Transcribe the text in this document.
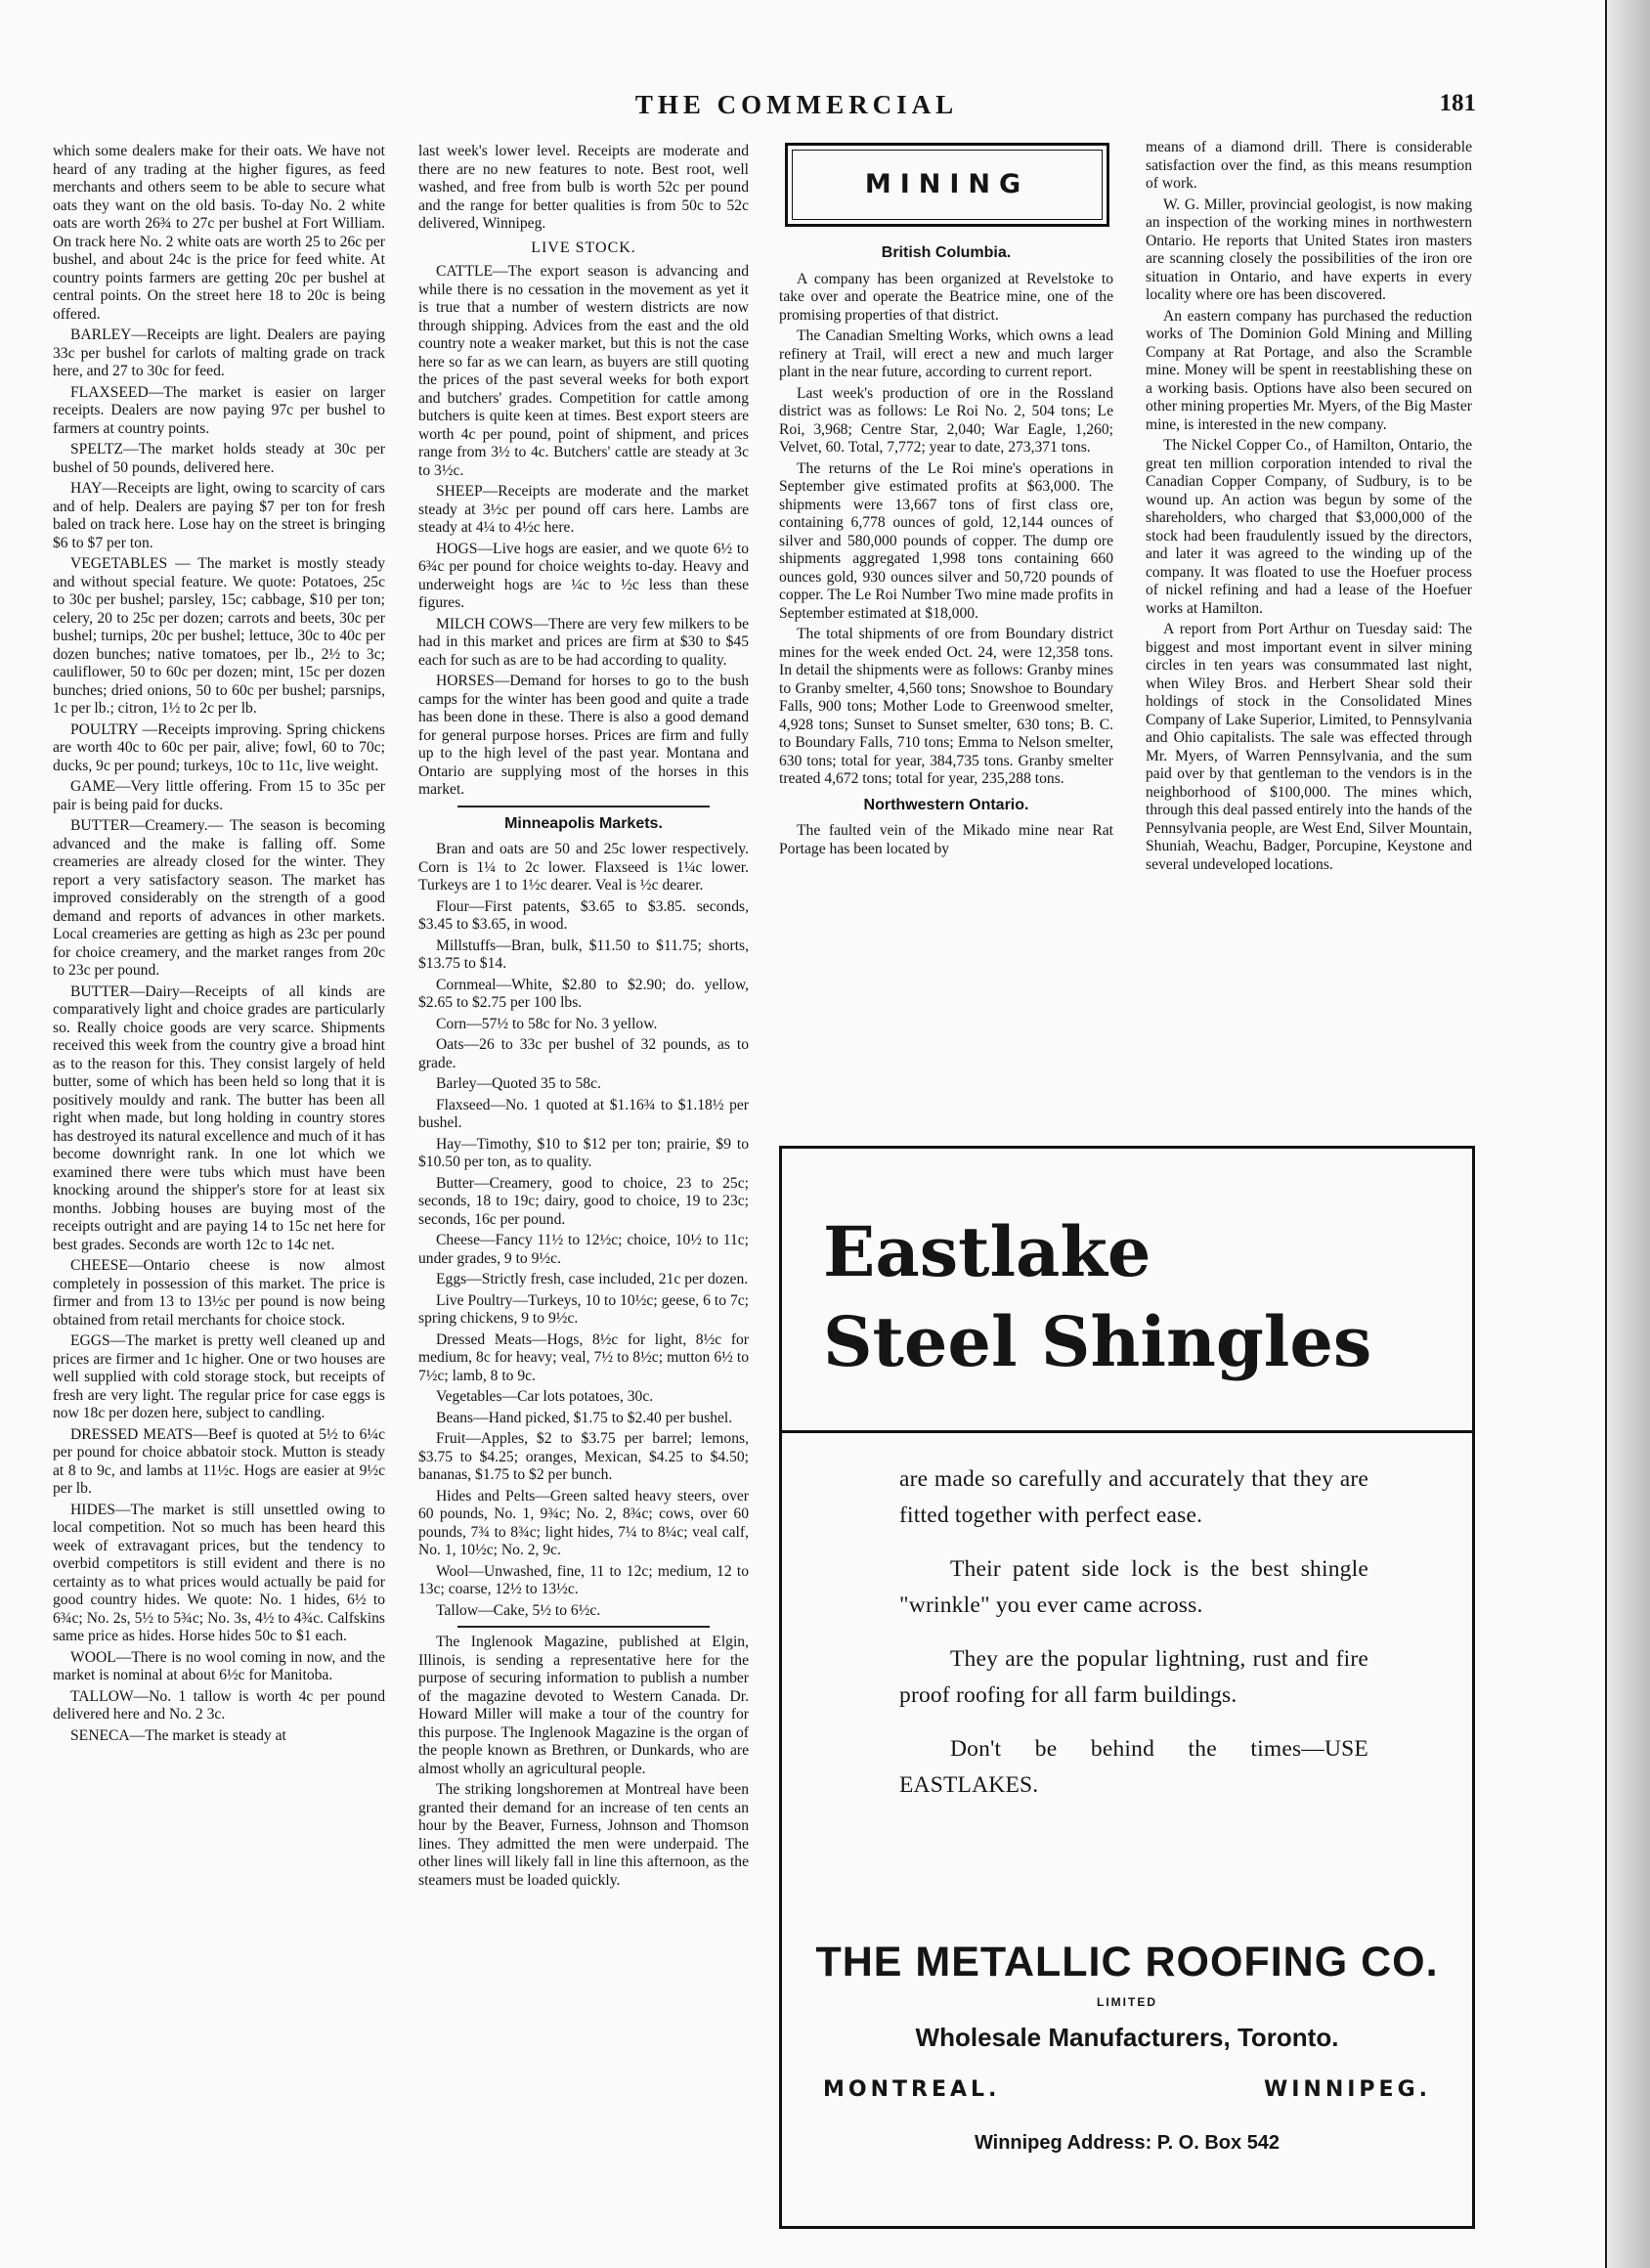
THE COMMERCIAL	181

which some dealers make for their oats. We have not heard of any trading at the higher figures, as feed merchants and others seem to be able to secure what oats they want on the old basis. To-day No. 2 white oats are worth 26¾ to 27c per bushel at Fort William. On track here No. 2 white oats are worth 25 to 26c per bushel, and about 24c is the price for feed white. At country points farmers are getting 20c per bushel at central points. On the street here 18 to 20c is being offered.

BARLEY—Receipts are light. Dealers are paying 33c per bushel for carlots of malting grade on track here, and 27 to 30c for feed.

FLAXSEED—The market is easier on larger receipts. Dealers are now paying 97c per bushel to farmers at country points.

SPELTZ—The market holds steady at 30c per bushel of 50 pounds, delivered here.

HAY—Receipts are light, owing to scarcity of cars and of help. Dealers are paying $7 per ton for fresh baled on track here. Lose hay on the street is bringing $6 to $7 per ton.

VEGETABLES — The market is mostly steady and without special feature. We quote: Potatoes, 25c to 30c per bushel; parsley, 15c; cabbage, $10 per ton; celery, 20 to 25c per dozen; carrots and beets, 30c per bushel; turnips, 20c per bushel; lettuce, 30c to 40c per dozen bunches; native tomatoes, per lb., 2½ to 3c; cauliflower, 50 to 60c per dozen; mint, 15c per dozen bunches; dried onions, 50 to 60c per bushel; parsnips, 1c per lb.; citron, 1½ to 2c per lb.

POULTRY —Receipts improving. Spring chickens are worth 40c to 60c per pair, alive; fowl, 60 to 70c; ducks, 9c per pound; turkeys, 10c to 11c, live weight.

GAME—Very little offering. From 15 to 35c per pair is being paid for ducks.

BUTTER—Creamery.— The season is becoming advanced and the make is falling off. Some creameries are already closed for the winter. They report a very satisfactory season. The market has improved considerably on the strength of a good demand and reports of advances in other markets. Local creameries are getting as high as 23c per pound for choice creamery, and the market ranges from 20c to 23c per pound.

BUTTER—Dairy—Receipts of all kinds are comparatively light and choice grades are particularly so. Really choice goods are very scarce. Shipments received this week from the country give a broad hint as to the reason for this. They consist largely of held butter, some of which has been held so long that it is positively mouldy and rank. The butter has been all right when made, but long holding in country stores has destroyed its natural excellence and much of it has become downright rank. In one lot which we examined there were tubs which must have been knocking around the shipper's store for at least six months. Jobbing houses are buying most of the receipts outright and are paying 14 to 15c net here for best grades. Seconds are worth 12c to 14c net.

CHEESE—Ontario cheese is now almost completely in possession of this market. The price is firmer and from 13 to 13½c per pound is now being obtained from retail merchants for choice stock.

EGGS—The market is pretty well cleaned up and prices are firmer and 1c higher. One or two houses are well supplied with cold storage stock, but receipts of fresh are very light. The regular price for case eggs is now 18c per dozen here, subject to candling.

DRESSED MEATS—Beef is quoted at 5½ to 6¼c per pound for choice abbatoir stock. Mutton is steady at 8 to 9c, and lambs at 11½c. Hogs are easier at 9½c per lb.

HIDES—The market is still unsettled owing to local competition. Not so much has been heard this week of extravagant prices, but the tendency to overbid competitors is still evident and there is no certainty as to what prices would actually be paid for good country hides. We quote: No. 1 hides, 6½ to 6¾c; No. 2s, 5½ to 5¾c; No. 3s, 4½ to 4¾c. Calfskins same price as hides. Horse hides 50c to $1 each.

WOOL—There is no wool coming in now, and the market is nominal at about 6½c for Manitoba.

TALLOW—No. 1 tallow is worth 4c per pound delivered here and No. 2 3c.

SENECA—The market is steady at

last week's lower level. Receipts are moderate and there are no new features to note. Best root, well washed, and free from bulb is worth 52c per pound and the range for better qualities is from 50c to 52c delivered, Winnipeg.

LIVE STOCK.

CATTLE—The export season is advancing and while there is no cessation in the movement as yet it is true that a number of western districts are now through shipping. Advices from the east and the old country note a weaker market, but this is not the case here so far as we can learn, as buyers are still quoting the prices of the past several weeks for both export and butchers' grades. Competition for cattle among butchers is quite keen at times. Best export steers are worth 4c per pound, point of shipment, and prices range from 3½ to 4c. Butchers' cattle are steady at 3c to 3½c.

SHEEP—Receipts are moderate and the market steady at 3½c per pound off cars here. Lambs are steady at 4¼ to 4½c here.

HOGS—Live hogs are easier, and we quote 6½ to 6¾c per pound for choice weights to-day. Heavy and underweight hogs are ¼c to ½c less than these figures.

MILCH COWS—There are very few milkers to be had in this market and prices are firm at $30 to $45 each for such as are to be had according to quality.

HORSES—Demand for horses to go to the bush camps for the winter has been good and quite a trade has been done in these. There is also a good demand for general purpose horses. Prices are firm and fully up to the high level of the past year. Montana and Ontario are supplying most of the horses in this market.

Minneapolis Markets.

Bran and oats are 50 and 25c lower respectively. Corn is 1¼ to 2c lower. Flaxseed is 1¼c lower. Turkeys are 1 to 1½c dearer. Veal is ½c dearer.

Flour—First patents, $3.65 to $3.85. seconds, $3.45 to $3.65, in wood.

Millstuffs—Bran, bulk, $11.50 to $11.75; shorts, $13.75 to $14.

Cornmeal—White, $2.80 to $2.90; do. yellow, $2.65 to $2.75 per 100 lbs.

Corn—57½ to 58c for No. 3 yellow.

Oats—26 to 33c per bushel of 32 pounds, as to grade.

Barley—Quoted 35 to 58c.

Flaxseed—No. 1 quoted at $1.16¾ to $1.18½ per bushel.

Hay—Timothy, $10 to $12 per ton; prairie, $9 to $10.50 per ton, as to quality.

Butter—Creamery, good to choice, 23 to 25c; seconds, 18 to 19c; dairy, good to choice, 19 to 23c; seconds, 16c per pound.

Cheese—Fancy 11½ to 12½c; choice, 10½ to 11c; under grades, 9 to 9½c.

Eggs—Strictly fresh, case included, 21c per dozen.

Live Poultry—Turkeys, 10 to 10½c; geese, 6 to 7c; spring chickens, 9 to 9½c.

Dressed Meats—Hogs, 8½c for light, 8½c for medium, 8c for heavy; veal, 7½ to 8½c; mutton 6½ to 7½c; lamb, 8 to 9c.

Vegetables—Car lots potatoes, 30c.

Beans—Hand picked, $1.75 to $2.40 per bushel.

Fruit—Apples, $2 to $3.75 per barrel; lemons, $3.75 to $4.25; oranges, Mexican, $4.25 to $4.50; bananas, $1.75 to $2 per bunch.

Hides and Pelts—Green salted heavy steers, over 60 pounds, No. 1, 9¾c; No. 2, 8¾c; cows, over 60 pounds, 7¾ to 8¾c; light hides, 7¼ to 8¼c; veal calf, No. 1, 10½c; No. 2, 9c.

Wool—Unwashed, fine, 11 to 12c; medium, 12 to 13c; coarse, 12½ to 13½c.

Tallow—Cake, 5½ to 6½c.

The Inglenook Magazine, published at Elgin, Illinois, is sending a representative here for the purpose of securing information to publish a number of the magazine devoted to Western Canada. Dr. Howard Miller will make a tour of the country for this purpose. The Inglenook Magazine is the organ of the people known as Brethren, or Dunkards, who are almost wholly an agricultural people.

The striking longshoremen at Montreal have been granted their demand for an increase of ten cents an hour by the Beaver, Furness, Johnson and Thomson lines. They admitted the men were underpaid. The other lines will likely fall in line this afternoon, as the steamers must be loaded quickly.

MINING
British Columbia.

A company has been organized at Revelstoke to take over and operate the Beatrice mine, one of the promising properties of that district.

The Canadian Smelting Works, which owns a lead refinery at Trail, will erect a new and much larger plant in the near future, according to current report.

Last week's production of ore in the Rossland district was as follows: Le Roi No. 2, 504 tons; Le Roi, 3,968; Centre Star, 2,040; War Eagle, 1,260; Velvet, 60. Total, 7,772; year to date, 273,371 tons.

The returns of the Le Roi mine's operations in September give estimated profits at $63,000. The shipments were 13,667 tons of first class ore, containing 6,778 ounces of gold, 12,144 ounces of silver and 580,000 pounds of copper. The dump ore shipments aggregated 1,998 tons containing 660 ounces gold, 930 ounces silver and 50,720 pounds of copper. The Le Roi Number Two mine made profits in September estimated at $18,000.

The total shipments of ore from Boundary district mines for the week ended Oct. 24, were 12,358 tons. In detail the shipments were as follows: Granby mines to Granby smelter, 4,560 tons; Snowshoe to Boundary Falls, 900 tons; Mother Lode to Greenwood smelter, 4,928 tons; Sunset to Sunset smelter, 630 tons; B. C. to Boundary Falls, 710 tons; Emma to Nelson smelter, 630 tons; total for year, 384,735 tons. Granby smelter treated 4,672 tons; total for year, 235,288 tons.

Northwestern Ontario.

The faulted vein of the Mikado mine near Rat Portage has been located by

means of a diamond drill. There is considerable satisfaction over the find, as this means resumption of work.

W. G. Miller, provincial geologist, is now making an inspection of the working mines in northwestern Ontario. He reports that United States iron masters are scanning closely the possibilities of the iron ore situation in Ontario, and have experts in every locality where ore has been discovered.

An eastern company has purchased the reduction works of The Dominion Gold Mining and Milling Company at Rat Portage, and also the Scramble mine. Money will be spent in reestablishing these on a working basis. Options have also been secured on other mining properties Mr. Myers, of the Big Master mine, is interested in the new company.

The Nickel Copper Co., of Hamilton, Ontario, the great ten million corporation intended to rival the Canadian Copper Company, of Sudbury, is to be wound up. An action was begun by some of the shareholders, who charged that $3,000,000 of the stock had been fraudulently issued by the directors, and later it was agreed to the winding up of the company. It was floated to use the Hoefuer process of nickel refining and had a lease of the Hoefuer works at Hamilton.

A report from Port Arthur on Tuesday said: The biggest and most important event in silver mining circles in ten years was consummated last night, when Wiley Bros. and Herbert Shear sold their holdings of stock in the Consolidated Mines Company of Lake Superior, Limited, to Pennsylvania and Ohio capitalists. The sale was effected through Mr. Myers, of Warren Pennsylvania, and the sum paid over by that gentleman to the vendors is in the neighborhood of $100,000. The mines which, through this deal passed entirely into the hands of the Pennsylvania people, are West End, Silver Mountain, Shuniah, Weachu, Badger, Porcupine, Keystone and several undeveloped locations.

Eastlake
Steel Shingles

are made so carefully and accurately that they are fitted together with perfect ease.

Their patent side lock is the best shingle "wrinkle" you ever came across.

They are the popular lightning, rust and fire proof roofing for all farm buildings.

Don't be behind the times—USE EASTLAKES.

THE METALLIC ROOFING CO.
LIMITED
Wholesale Manufacturers, Toronto.
MONTREAL.	WINNIPEG.
Winnipeg Address: P. O. Box 542
